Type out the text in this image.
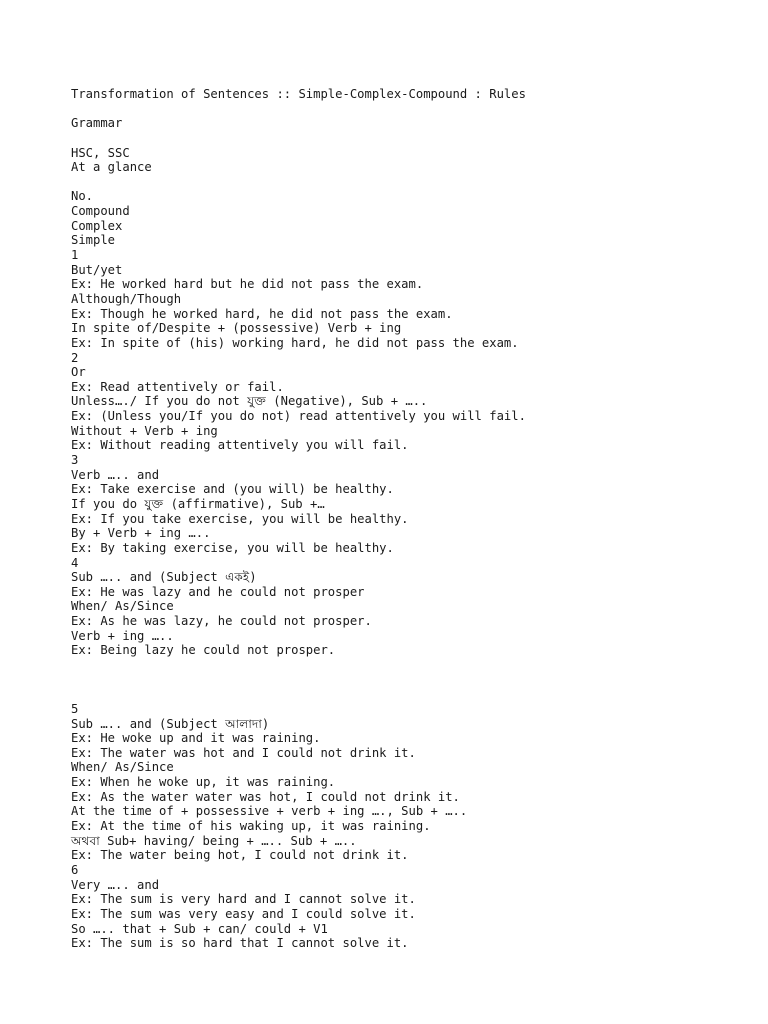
Transformation of Sentences :: Simple-Complex-Compound : Rules
Grammar
HSC, SSC
At a glance
No.
Compound
Complex
Simple
1
But/yet
Ex: He worked hard but he did not pass the exam.
Although/Though
Ex: Though he worked hard, he did not pass the exam.
In spite of/Despite + (possessive) Verb + ing
Ex: In spite of (his) working hard, he did not pass the exam.
2
Or
Ex: Read attentively or fail.
Unless…./ If you do not যুক্ত (Negative), Sub + …..
Ex: (Unless you/If you do not) read attentively you will fail.
Without + Verb + ing
Ex: Without reading attentively you will fail.
3
Verb ….. and
Ex: Take exercise and (you will) be healthy.
If you do যুক্ত (affirmative), Sub +…
Ex: If you take exercise, you will be healthy.
By + Verb + ing …..
Ex: By taking exercise, you will be healthy.
4
Sub ….. and (Subject একই)
Ex: He was lazy and he could not prosper
When/ As/Since
Ex: As he was lazy, he could not prosper.
Verb + ing …..
Ex: Being lazy he could not prosper.
5
Sub ….. and (Subject আলাদা)
Ex: He woke up and it was raining.
Ex: The water was hot and I could not drink it.
When/ As/Since
Ex: When he woke up, it was raining.
Ex: As the water water was hot, I could not drink it.
At the time of + possessive + verb + ing …., Sub + …..
Ex: At the time of his waking up, it was raining.
অথবা Sub+ having/ being + ….. Sub + …..
Ex: The water being hot, I could not drink it.
6
Very ….. and
Ex: The sum is very hard and I cannot solve it.
Ex: The sum was very easy and I could solve it.
So ….. that + Sub + can/ could + V1
Ex: The sum is so hard that I cannot solve it.
